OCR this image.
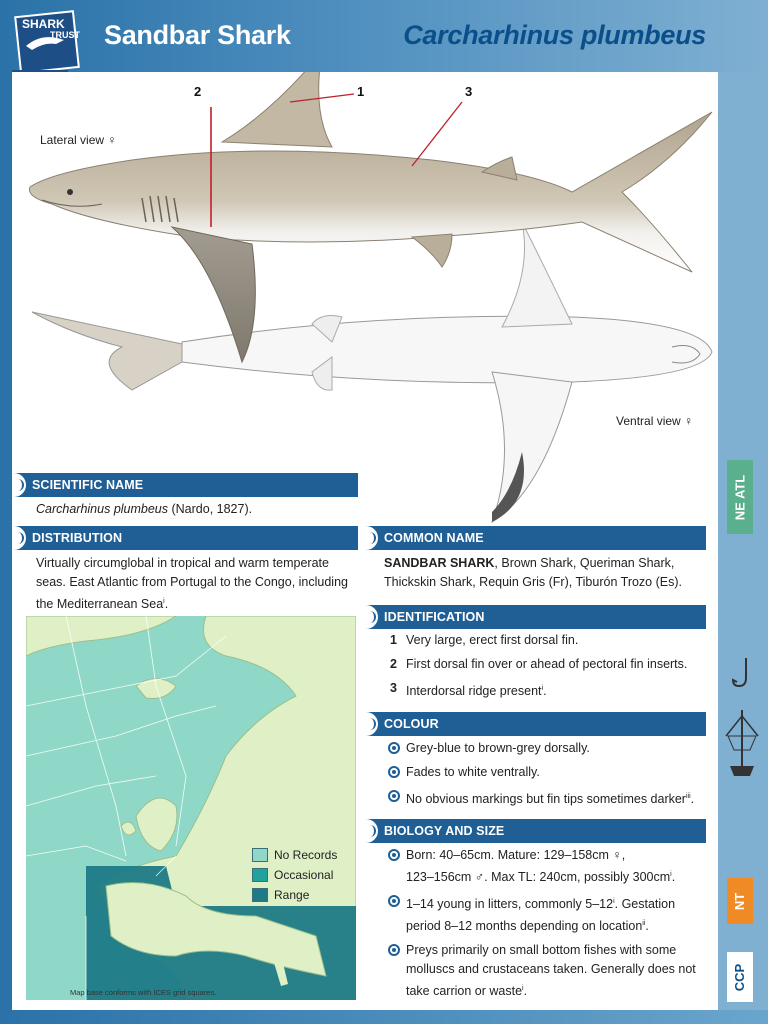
SHARK
TRUST Sandbar Shark	Carcharhinus plumbeus
2	1	3
Lateral view ♀
Ventral view ♀
SCIENTIFIC NAME
Carcharhinus plumbeus (Nardo, 1827).
DISTRIBUTION
Virtually circumglobal in tropical and warm temperate
seas. East Atlantic from Portugal to the Congo, including
the Mediterranean Sea$^i$.
No Records
Occasional
Range
Map base conforms with ICES grid squares.
COMMON NAME
SANDBAR SHARK, Brown Shark, Queriman Shark,
Thickskin Shark, Requin Gris (Fr), Tiburón Trozo (Es).
IDENTIFICATION
1 Very large, erect first dorsal fin.
2 First dorsal fin over or ahead of pectoral fin inserts.
3 Interdorsal ridge present$^i$.
COLOUR
Grey-blue to brown-grey dorsally.
Fades to white ventrally.
No obvious markings but fin tips sometimes darker$^{iii}$.
BIOLOGY AND SIZE
Born: 40–65cm. Mature: 129–158cm ♀,
123–156cm ♂. Max TL: 240cm, possibly $300cm^i$.
1–14 young in litters, commonly 5–12$^i$. Gestation
period 8–12 months depending on location$^{ii}$.
Preys primarily on small bottom fishes with some
molluscs and crustaceans taken. Generally does not
take carrion or waste$^i$.
NE ATL
NT
CCP
